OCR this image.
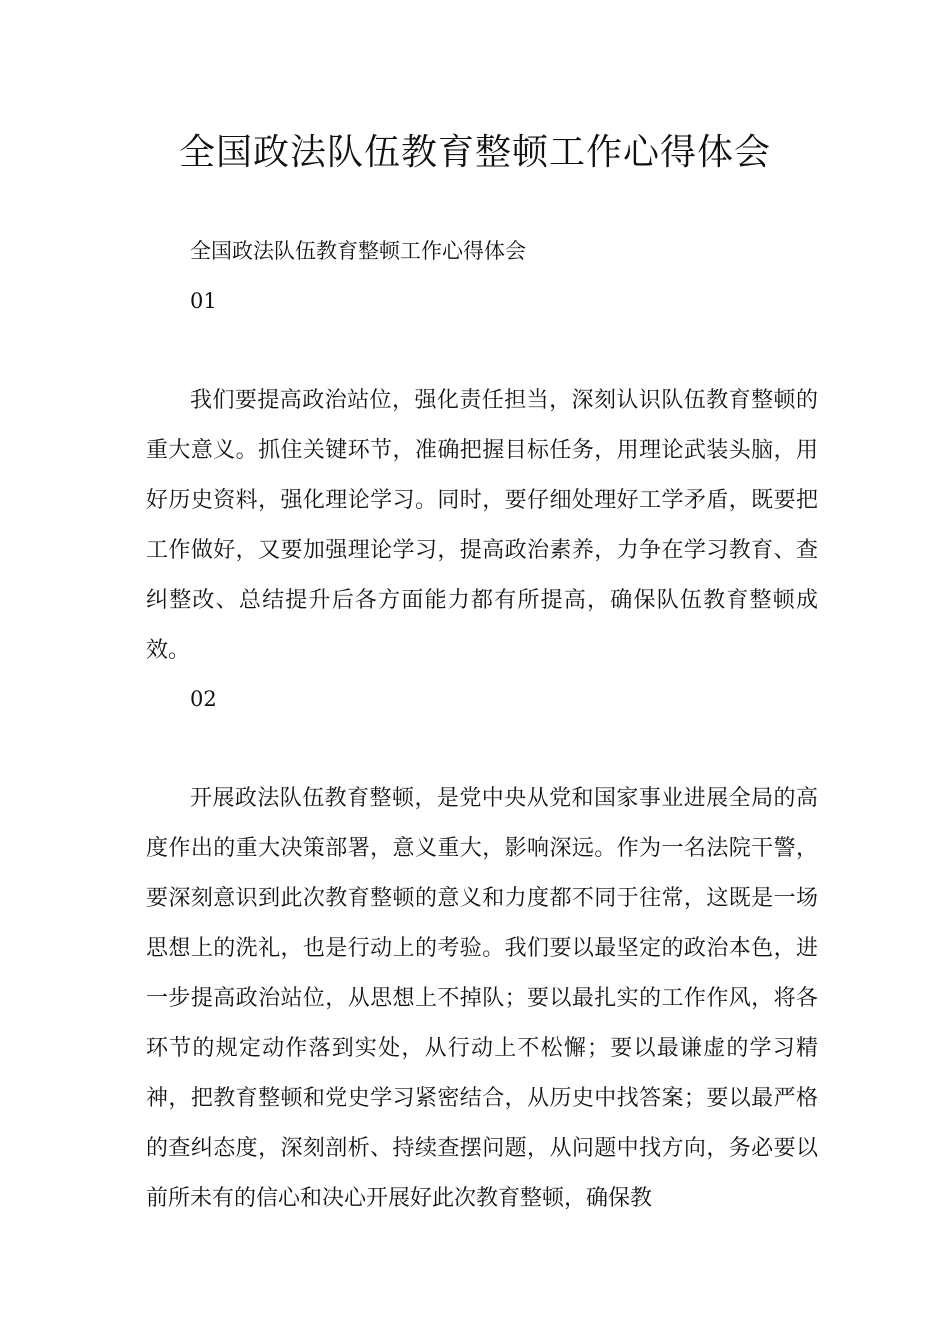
全国政法队伍教育整顿工作心得体会
全国政法队伍教育整顿工作心得体会
01

我们要提高政治站位，强化责任担当，深刻认识队伍教育整顿的重大意义。抓住关键环节，准确把握目标任务，用理论武装头脑，用好历史资料，强化理论学习。同时，要仔细处理好工学矛盾，既要把工作做好，又要加强理论学习，提高政治素养，力争在学习教育、查纠整改、总结提升后各方面能力都有所提高，确保队伍教育整顿成效。

02

开展政法队伍教育整顿，是党中央从党和国家事业进展全局的高度作出的重大决策部署，意义重大，影响深远。作为一名法院干警，要深刻意识到此次教育整顿的意义和力度都不同于往常，这既是一场思想上的洗礼，也是行动上的考验。我们要以最坚定的政治本色，进一步提高政治站位，从思想上不掉队；要以最扎实的工作作风，将各环节的规定动作落到实处，从行动上不松懈；要以最谦虚的学习精神，把教育整顿和党史学习紧密结合，从历史中找答案；要以最严格的查纠态度，深刻剖析、持续查摆问题，从问题中找方向，务必要以前所未有的信心和决心开展好此次教育整顿，确保教
